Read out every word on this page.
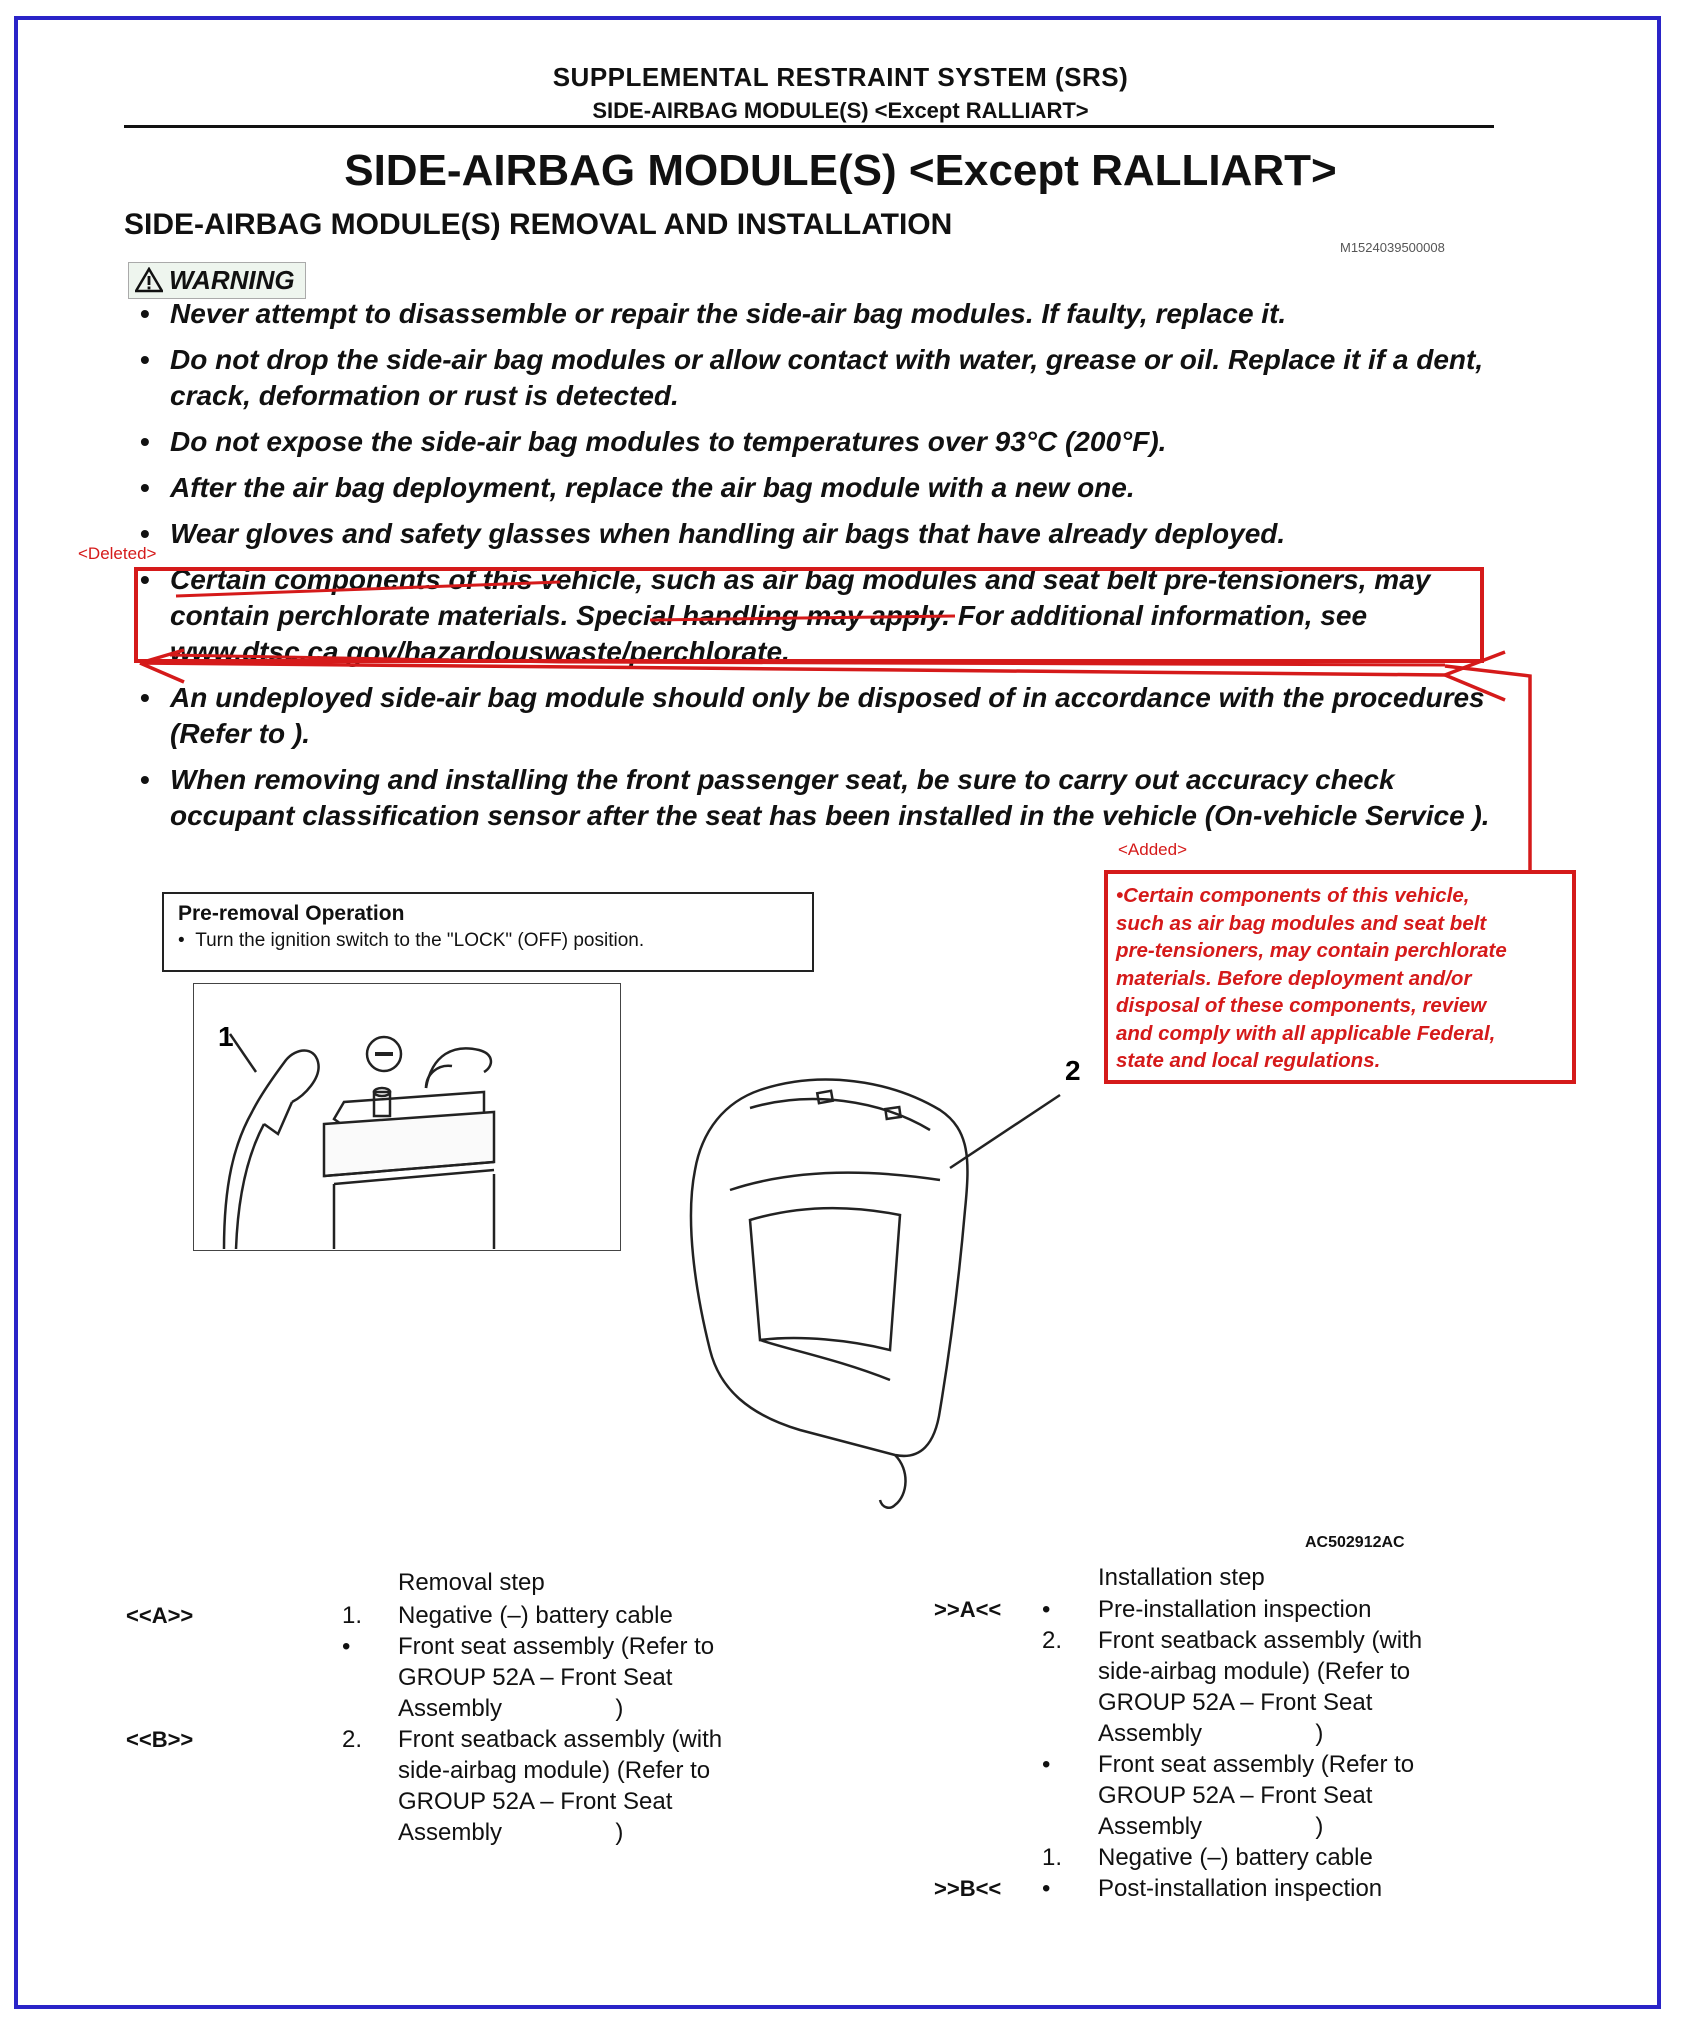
SUPPLEMENTAL RESTRAINT SYSTEM (SRS)
SIDE-AIRBAG MODULE(S) <Except RALLIART>
SIDE-AIRBAG MODULE(S) <Except RALLIART>
SIDE-AIRBAG MODULE(S) REMOVAL AND INSTALLATION
M1524039500008
WARNING
• Never attempt to disassemble or repair the side-air bag modules. If faulty, replace it.
• Do not drop the side-air bag modules or allow contact with water, grease or oil. Replace it if a dent, crack, deformation or rust is detected.
• Do not expose the side-air bag modules to temperatures over 93°C (200°F).
• After the air bag deployment, replace the air bag module with a new one.
• Wear gloves and safety glasses when handling air bags that have already deployed.
• Certain components of this vehicle, such as air bag modules and seat belt pre-tensioners, may contain perchlorate materials. Special handling may apply. For additional information, see www.dtsc.ca.gov/hazardouswaste/perchlorate.
• An undeployed side-air bag module should only be disposed of in accordance with the procedures (Refer to ).
• When removing and installing the front passenger seat, be sure to carry out accuracy check occupant classification sensor after the seat has been installed in the vehicle (On-vehicle Service ).
<Deleted>
<Added>
•Certain components of this vehicle,
such as air bag modules and seat belt
pre-tensioners, may contain perchlorate
materials. Before deployment and/or
disposal of these components, review
and comply with all applicable Federal,
state and local regulations.
Pre-removal Operation
•  Turn the ignition switch to the "LOCK" (OFF) position.
1
2
AC502912AC
Removal step
<<A>>	1. Negative (–) battery cable
• Front seat assembly (Refer to
GROUP 52A – Front Seat
Assembly                 )
<<B>>	2. Front seatback assembly (with
side-airbag module) (Refer to
GROUP 52A – Front Seat
Assembly                 )
Installation step
>>A<< • Pre-installation inspection
2. Front seatback assembly (with
side-airbag module) (Refer to
GROUP 52A – Front Seat
Assembly                 )
• Front seat assembly (Refer to
GROUP 52A – Front Seat
Assembly                 )
1. Negative (–) battery cable
>>B<< • Post-installation inspection
